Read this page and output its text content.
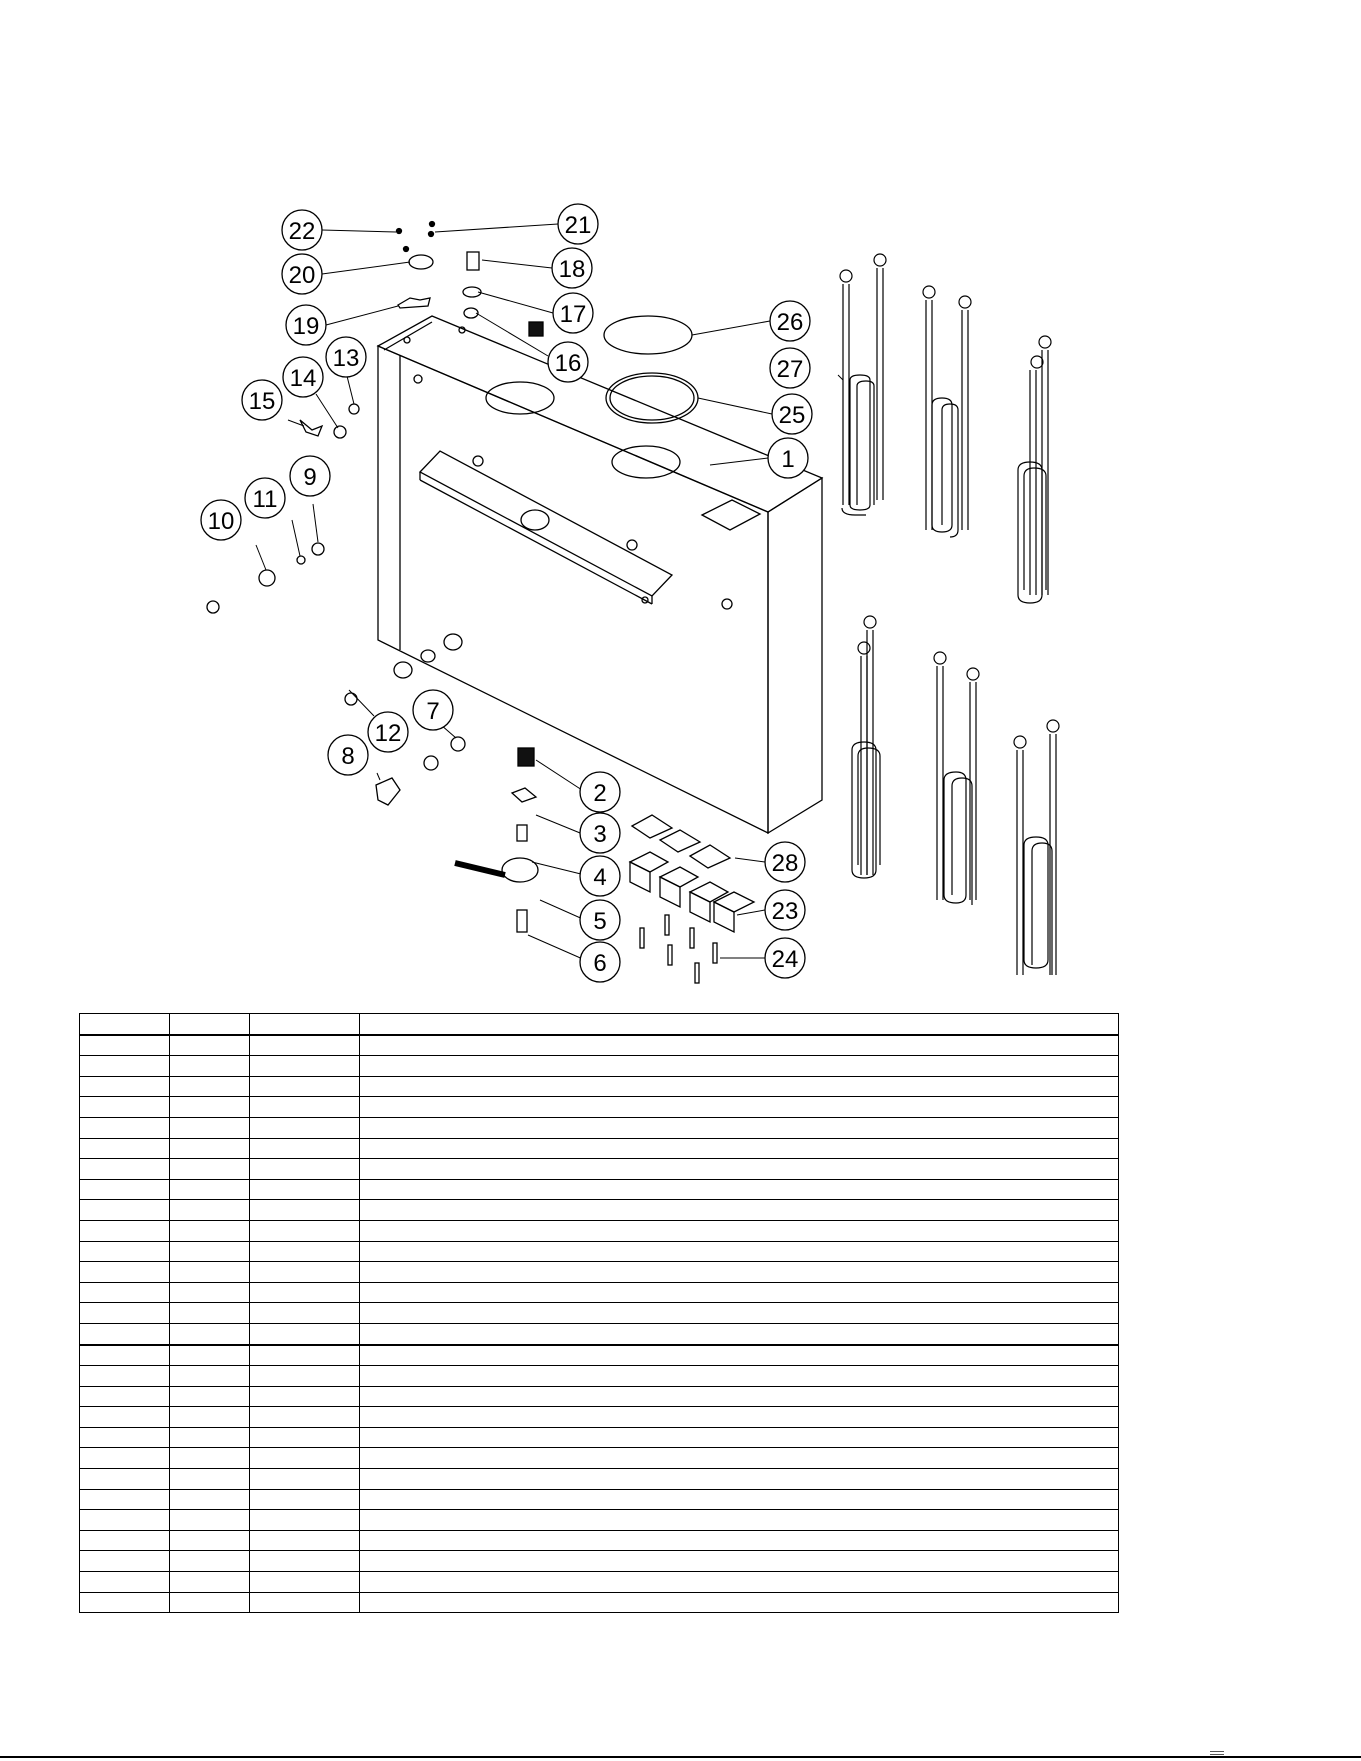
22	21
20	18
19	17
16
26
27
25
1
13
14
15
9
11
10
7
12
8
2
3
4
5
6
28
23
24
